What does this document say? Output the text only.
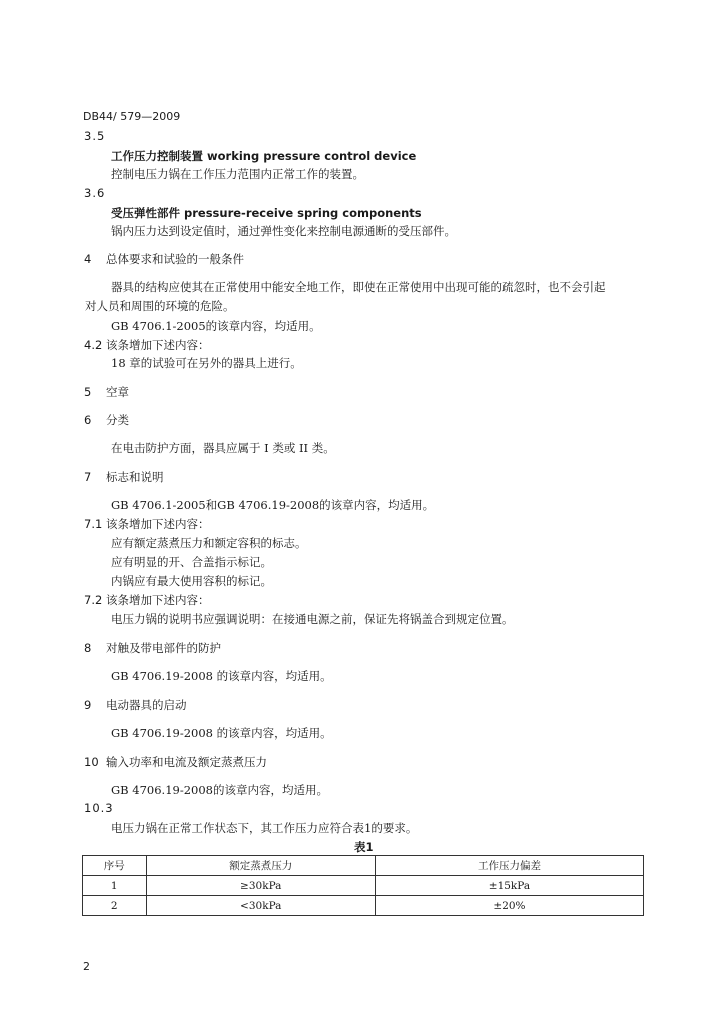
DB44/ 579—2009
3.5
工作压力控制装置 working pressure control device
控制电压力锅在工作压力范围内正常工作的装置。
3.6
受压弹性部件 pressure-receive spring components
锅内压力达到设定值时，通过弹性变化来控制电源通断的受压部件。
4 总体要求和试验的一般条件
器具的结构应使其在正常使用中能安全地工作，即使在正常使用中出现可能的疏忽时，也不会引起
对人员和周围的环境的危险。
GB 4706.1-2005的该章内容，均适用。
4.2 该条增加下述内容：
18 章的试验可在另外的器具上进行。
5 空章
6 分类
在电击防护方面，器具应属于 I 类或 II 类。
7 标志和说明
GB 4706.1-2005和GB 4706.19-2008的该章内容，均适用。
7.1 该条增加下述内容：
应有额定蒸煮压力和额定容积的标志。
应有明显的开、合盖指示标记。
内锅应有最大使用容积的标记。
7.2 该条增加下述内容：
电压力锅的说明书应强调说明：在接通电源之前，保证先将锅盖合到规定位置。
8 对触及带电部件的防护
GB 4706.19-2008 的该章内容，均适用。
9 电动器具的启动
GB 4706.19-2008 的该章内容，均适用。
10 输入功率和电流及额定蒸煮压力
GB 4706.19-2008的该章内容，均适用。
10.3
电压力锅在正常工作状态下，其工作压力应符合表1的要求。
表1
序号	额定蒸煮压力	工作压力偏差
1	≥30kPa	±15kPa
2	<30kPa	±20%
2
